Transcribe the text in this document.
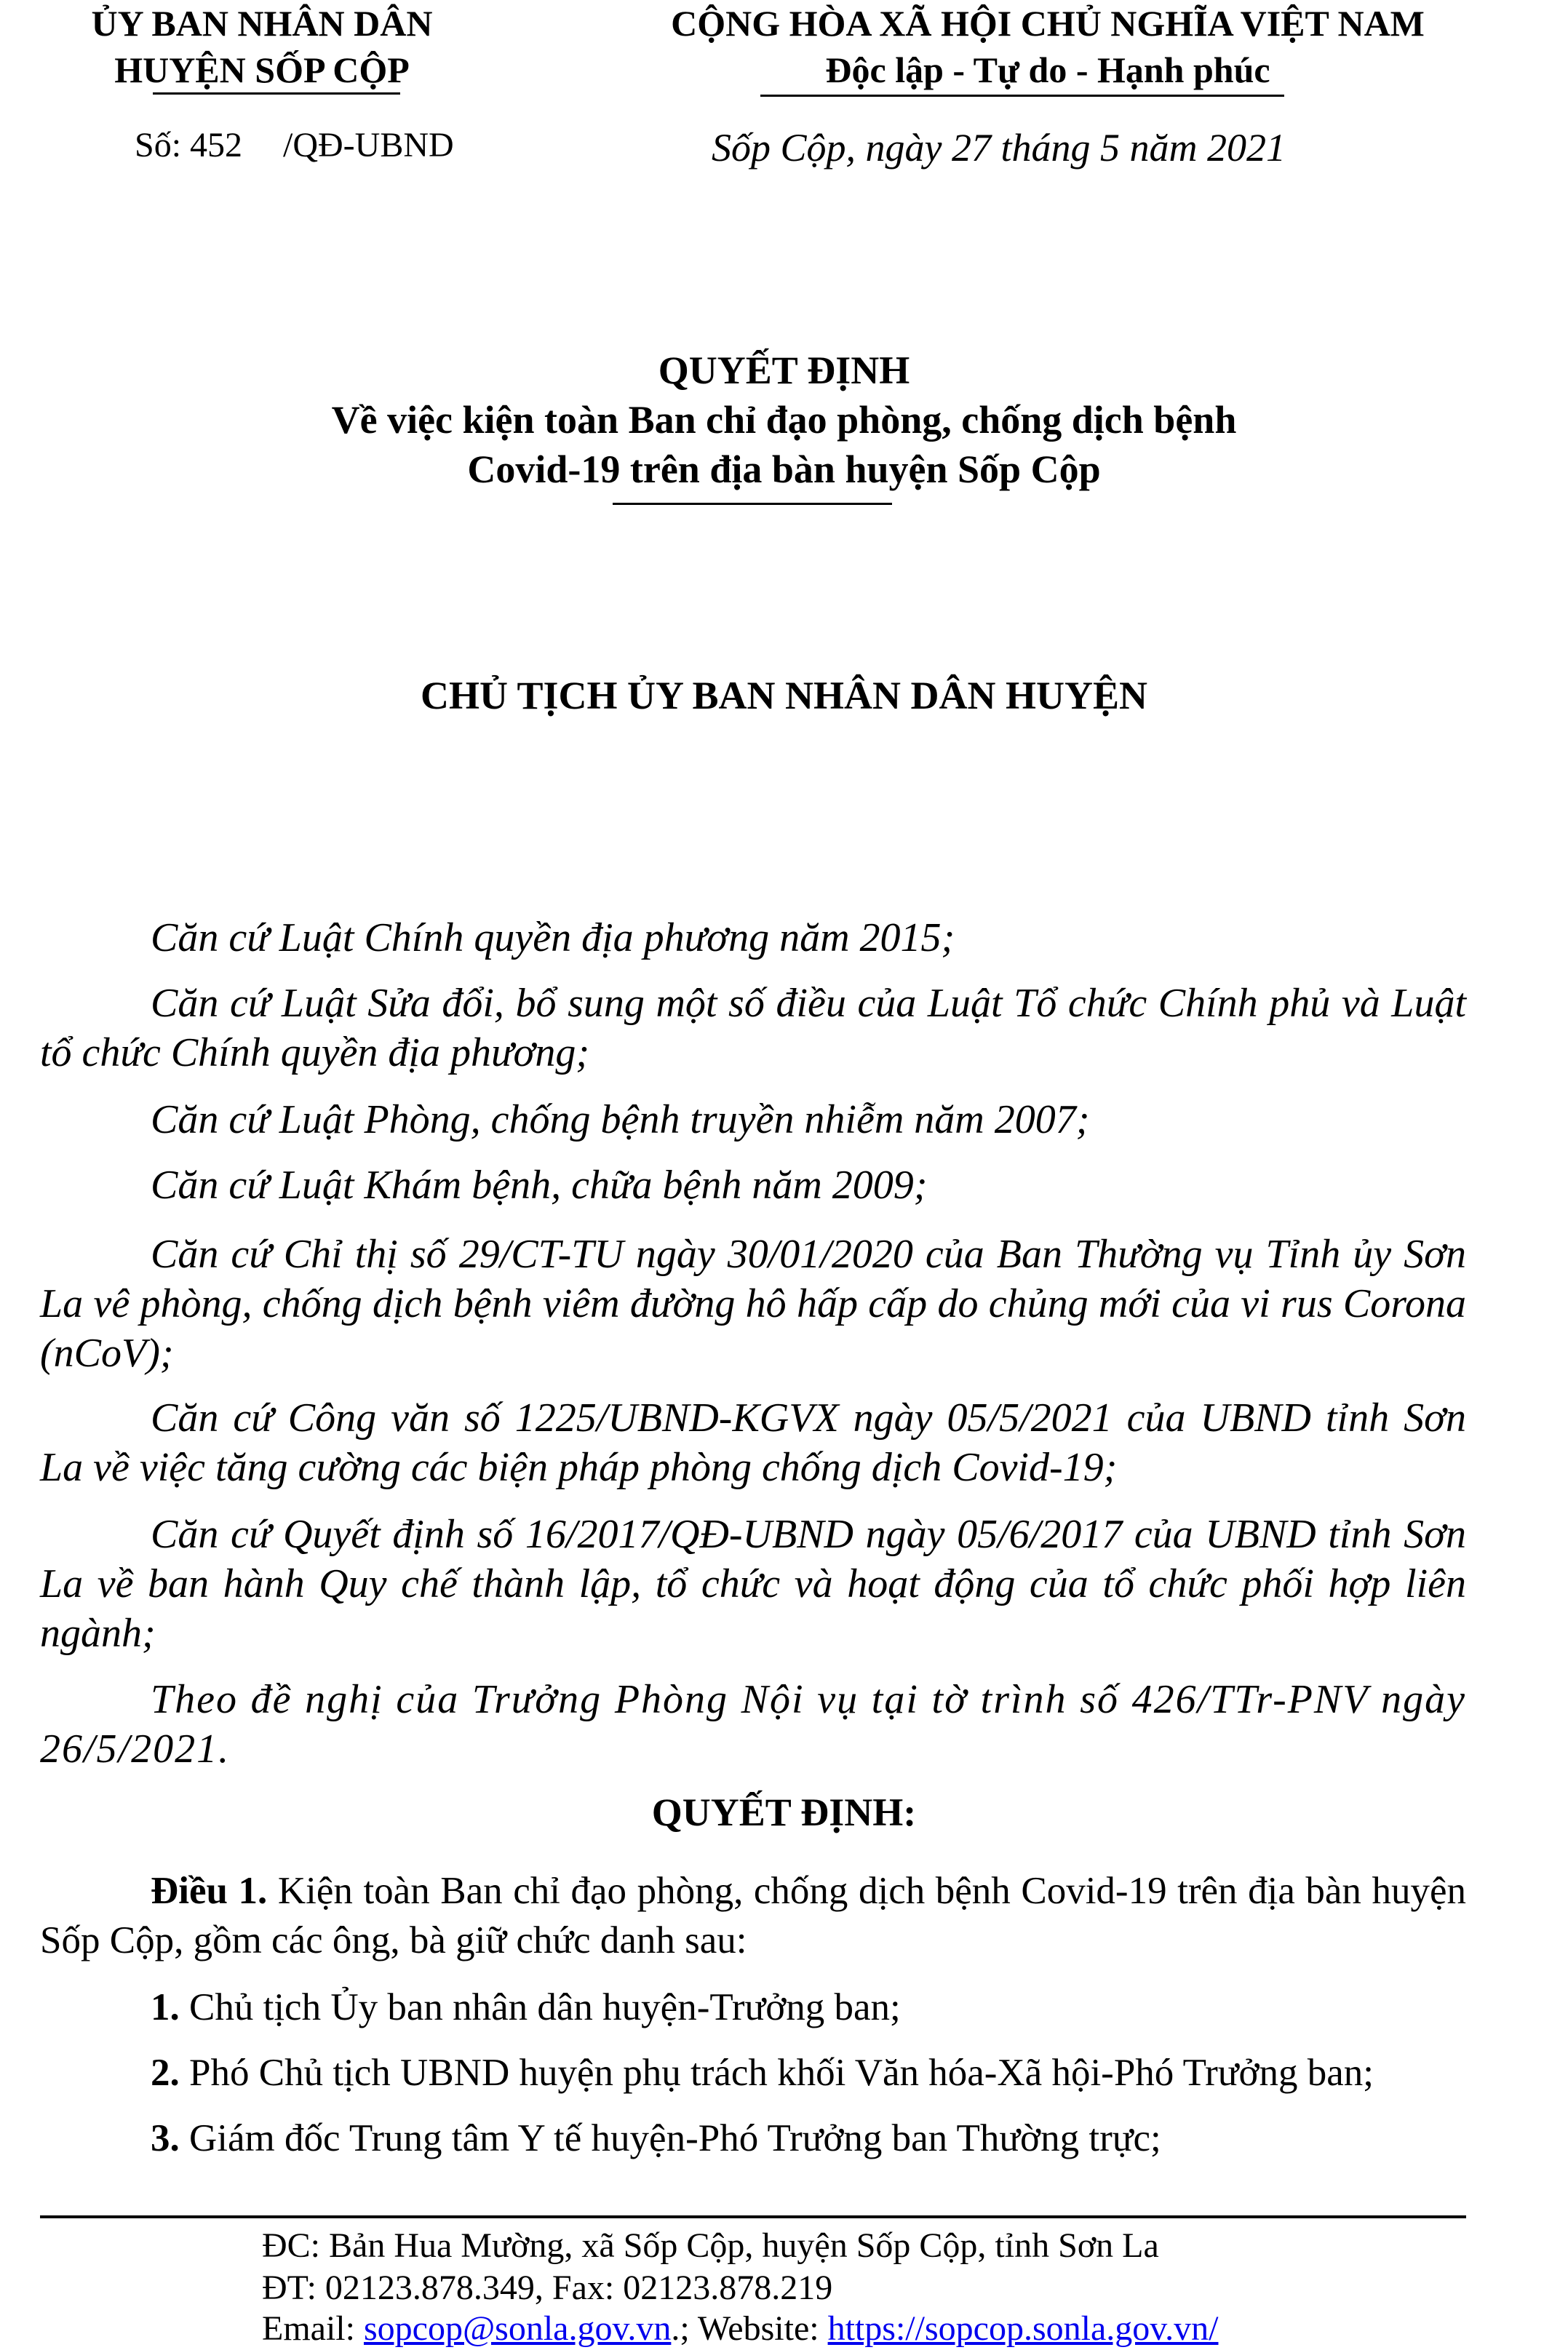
ỦY BAN NHÂN DÂN
HUYỆN SỐP CỘP
CỘNG HÒA XÃ HỘI CHỦ NGHĨA VIỆT NAM
Độc lập - Tự do - Hạnh phúc
Số: 452 /QĐ-UBND	Sốp Cộp, ngày 27 tháng 5 năm 2021
QUYẾT ĐỊNH
Về việc kiện toàn Ban chỉ đạo phòng, chống dịch bệnh
Covid-19 trên địa bàn huyện Sốp Cộp
CHỦ TỊCH ỦY BAN NHÂN DÂN HUYỆN
Căn cứ Luật Chính quyền địa phương năm 2015;
Căn cứ Luật Sửa đổi, bổ sung một số điều của Luật Tổ chức Chính phủ và Luật tổ chức Chính quyền địa phương;
Căn cứ Luật Phòng, chống bệnh truyền nhiễm năm 2007;
Căn cứ Luật Khám bệnh, chữa bệnh năm 2009;
Căn cứ Chỉ thị số 29/CT-TU ngày 30/01/2020 của Ban Thường vụ Tỉnh ủy Sơn La vê phòng, chống dịch bệnh viêm đường hô hấp cấp do chủng mới của vi rus Corona (nCoV);
Căn cứ Công văn số 1225/UBND-KGVX ngày 05/5/2021 của UBND tỉnh Sơn La về việc tăng cường các biện pháp phòng chống dịch Covid-19;
Căn cứ Quyết định số 16/2017/QĐ-UBND ngày 05/6/2017 của UBND tỉnh Sơn La về ban hành Quy chế thành lập, tổ chức và hoạt động của tổ chức phối hợp liên ngành;
Theo đề nghị của Trưởng Phòng Nội vụ tại tờ trình số 426/TTr-PNV ngày 26/5/2021.
QUYẾT ĐỊNH:
Điều 1. Kiện toàn Ban chỉ đạo phòng, chống dịch bệnh Covid-19 trên địa bàn huyện Sốp Cộp, gồm các ông, bà giữ chức danh sau:
1. Chủ tịch Ủy ban nhân dân huyện-Trưởng ban;
2. Phó Chủ tịch UBND huyện phụ trách khối Văn hóa-Xã hội-Phó Trưởng ban;
3. Giám đốc Trung tâm Y tế huyện-Phó Trưởng ban Thường trực;
ĐC: Bản Hua Mường, xã Sốp Cộp, huyện Sốp Cộp, tỉnh Sơn La
ĐT: 02123.878.349, Fax: 02123.878.219
Email: sopcop@sonla.gov.vn.; Website: https://sopcop.sonla.gov.vn/
